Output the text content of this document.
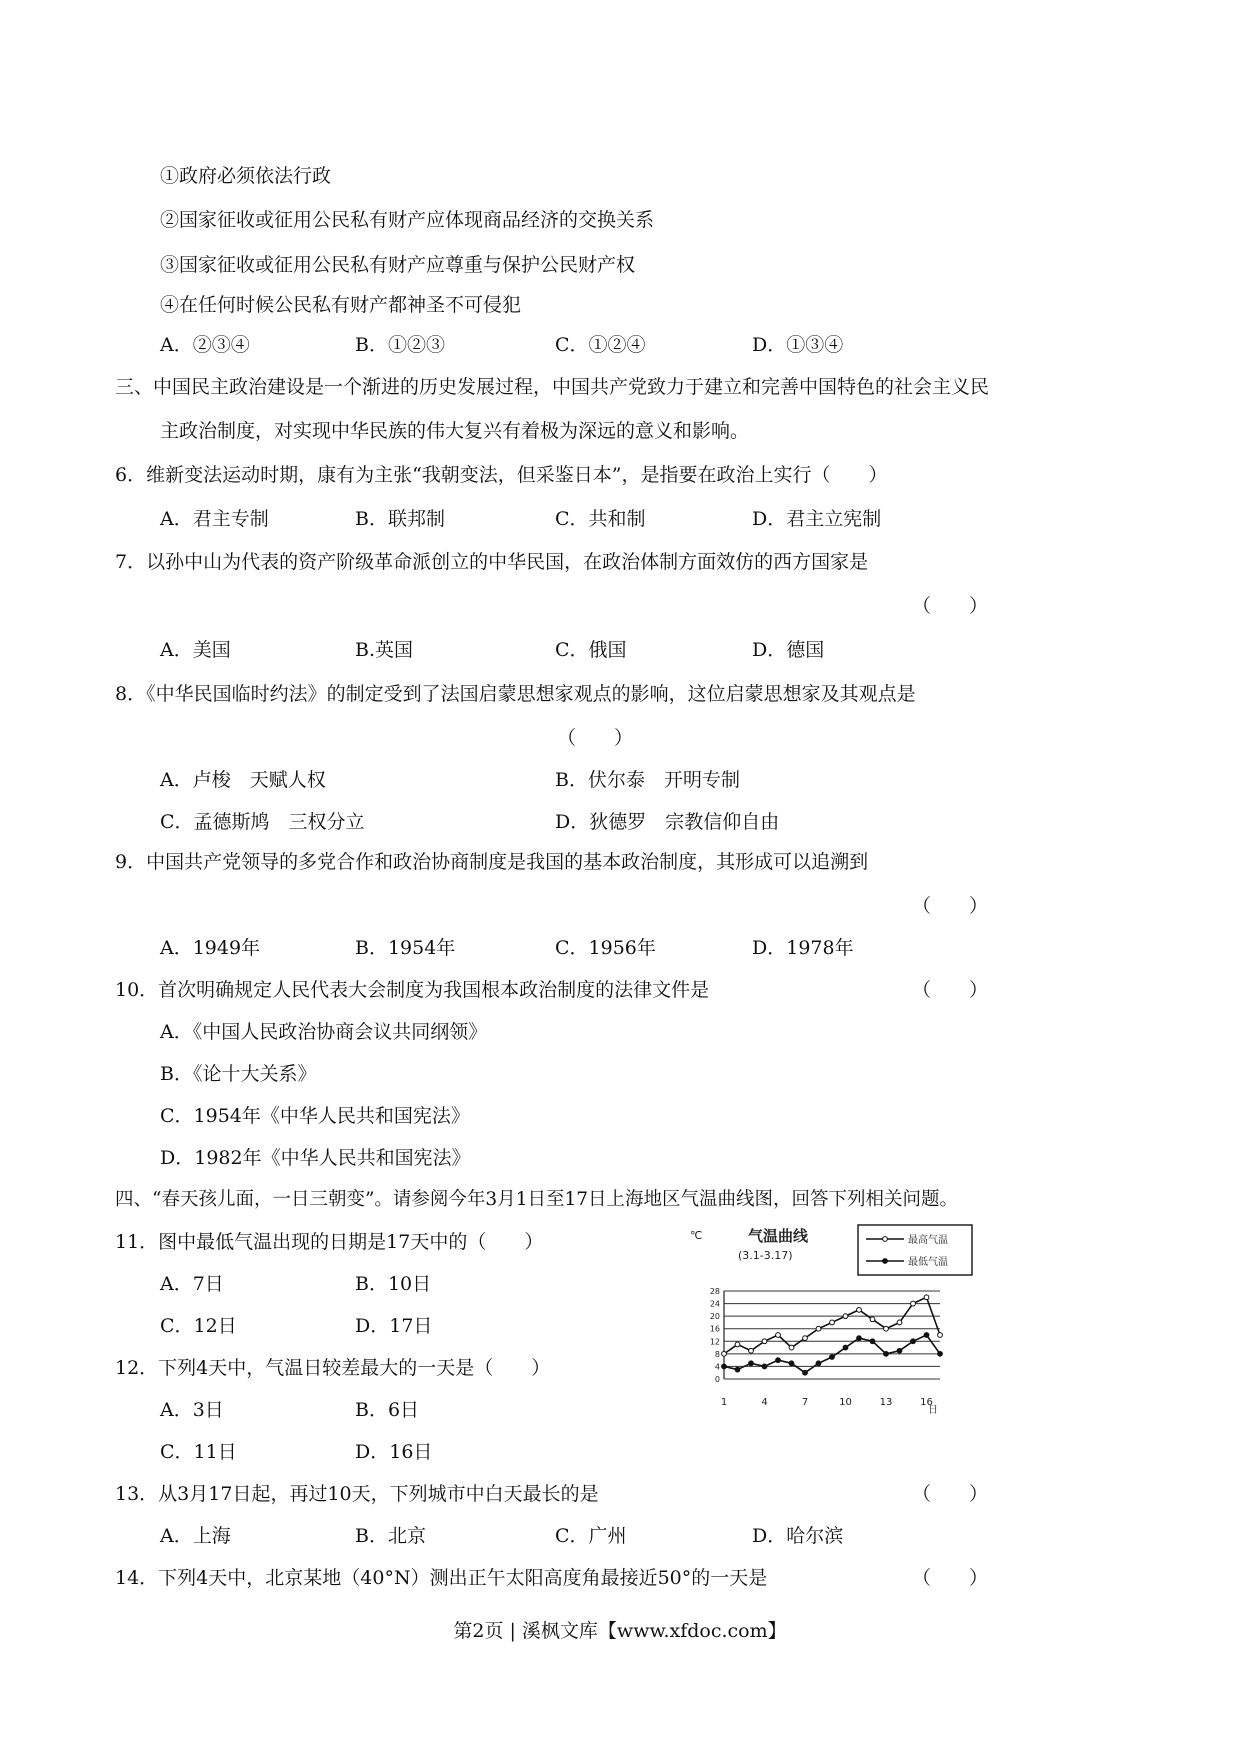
①政府必须依法行政
②国家征收或征用公民私有财产应体现商品经济的交换关系
③国家征收或征用公民私有财产应尊重与保护公民财产权
④在任何时候公民私有财产都神圣不可侵犯
A．②③④	B．①②③	C．①②④	D．①③④
三、中国民主政治建设是一个渐进的历史发展过程，中国共产党致力于建立和完善中国特色的社会主义民
主政治制度，对实现中华民族的伟大复兴有着极为深远的意义和影响。
6．维新变法运动时期，康有为主张“我朝变法，但采鉴日本”，是指要在政治上实行（　　）
A．君主专制	B．联邦制	C．共和制	D．君主立宪制
7．以孙中山为代表的资产阶级革命派创立的中华民国，在政治体制方面效仿的西方国家是
（　　）
A．美国	B.英国	C．俄国	D．德国
8．《中华民国临时约法》的制定受到了法国启蒙思想家观点的影响，这位启蒙思想家及其观点是
（　　）
A．卢梭　天赋人权	B．伏尔泰　开明专制
C．孟德斯鸠　三权分立	D．狄德罗　宗教信仰自由
9．中国共产党领导的多党合作和政治协商制度是我国的基本政治制度，其形成可以追溯到
（　　）
A．1949年	B．1954年	C．1956年	D．1978年
10．首次明确规定人民代表大会制度为我国根本政治制度的法律文件是	（　　）
A．《中国人民政治协商会议共同纲领》
B．《论十大关系》
C．1954年《中华人民共和国宪法》
D．1982年《中华人民共和国宪法》
四、“春天孩儿面，一日三朝变”。请参阅今年3月1日至17日上海地区气温曲线图，回答下列相关问题。
11．图中最低气温出现的日期是17天中的（　　）
A．7日	B．10日
C．12日	D．17日
12．下列4天中，气温日较差最大的一天是（　　）
A．3日	B．6日
C．11日	D．16日
13．从3月17日起，再过10天，下列城市中白天最长的是	（　　）
A．上海	B．北京	C．广州	D．哈尔滨
14．下列4天中，北京某地（40°N）测出正午太阳高度角最接近50°的一天是	（　　）
℃	气温曲线
(3.1-3.17)
最高气温
最低气温
0
4
8
12
16
20
24
28
1	4	7	10	13	16
日
第2页 | 溪枫文库【www.xfdoc.com】
